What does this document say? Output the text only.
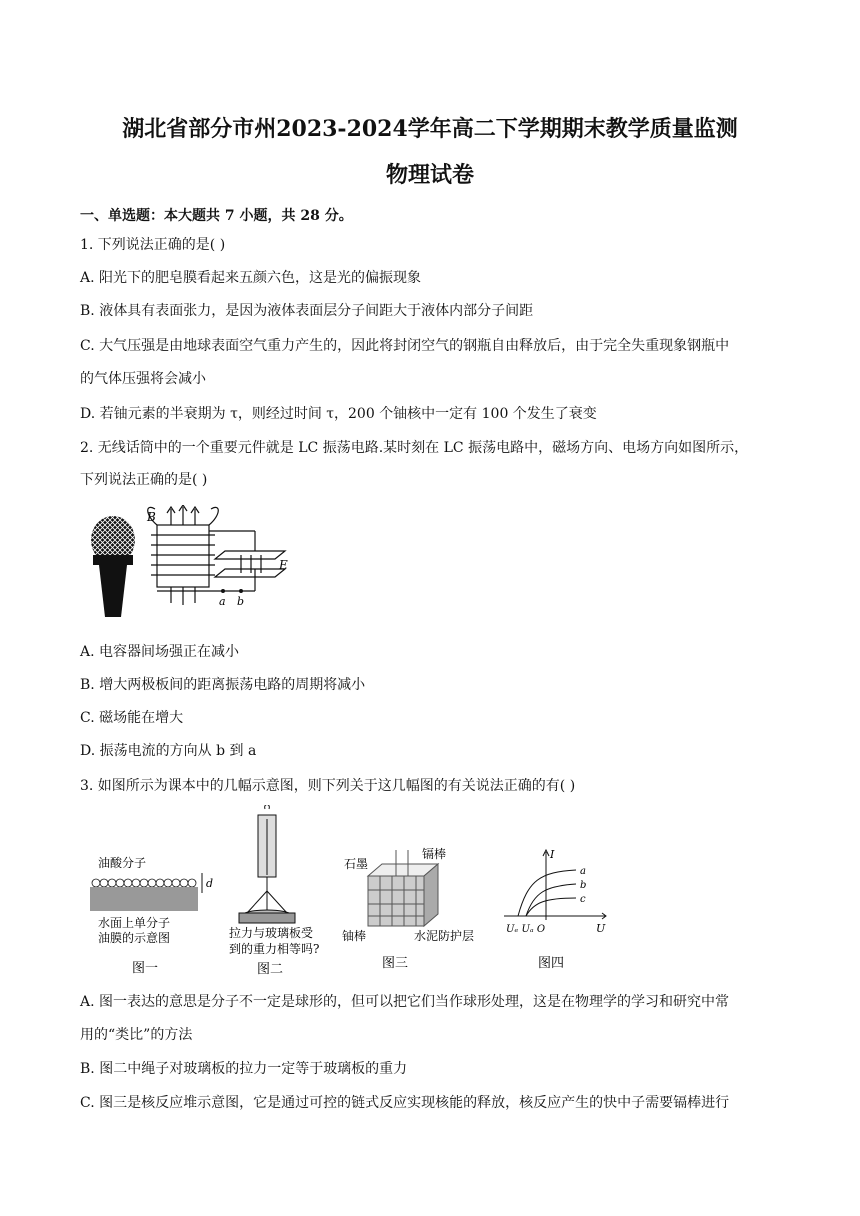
湖北省部分市州2023-2024学年高二下学期期末教学质量监测
物理试卷
一、单选题：本大题共 7 小题，共 28 分。
1. 下列说法正确的是( )
A. 阳光下的肥皂膜看起来五颜六色，这是光的偏振现象
B. 液体具有表面张力，是因为液体表面层分子间距大于液体内部分子间距
C. 大气压强是由地球表面空气重力产生的，因此将封闭空气的钢瓶自由释放后，由于完全失重现象钢瓶中
的气体压强将会减小
D. 若铀元素的半衰期为 τ，则经过时间 τ，200 个铀核中一定有 100 个发生了衰变
2. 无线话筒中的一个重要元件就是 LC 振荡电路.某时刻在 LC 振荡电路中，磁场方向、电场方向如图所示，
下列说法正确的是( )
B
E
a b
A. 电容器间场强正在减小
B. 增大两极板间的距离振荡电路的周期将减小
C. 磁场能在增大
D. 振荡电流的方向从 b 到 a
3. 如图所示为课本中的几幅示意图，则下列关于这几幅图的有关说法正确的有( )
油酸分子
d
水面上单分子
油膜的示意图
图一
拉力与玻璃板受
到的重力相等吗?
图二
石墨
镉棒
铀棒	水泥防护层
图三
I
U
a
b
c
Uₑ Uₐ O
图四
A. 图一表达的意思是分子不一定是球形的，但可以把它们当作球形处理，这是在物理学的学习和研究中常
用的“类比”的方法
B. 图二中绳子对玻璃板的拉力一定等于玻璃板的重力
C. 图三是核反应堆示意图，它是通过可控的链式反应实现核能的释放，核反应产生的快中子需要镉棒进行
